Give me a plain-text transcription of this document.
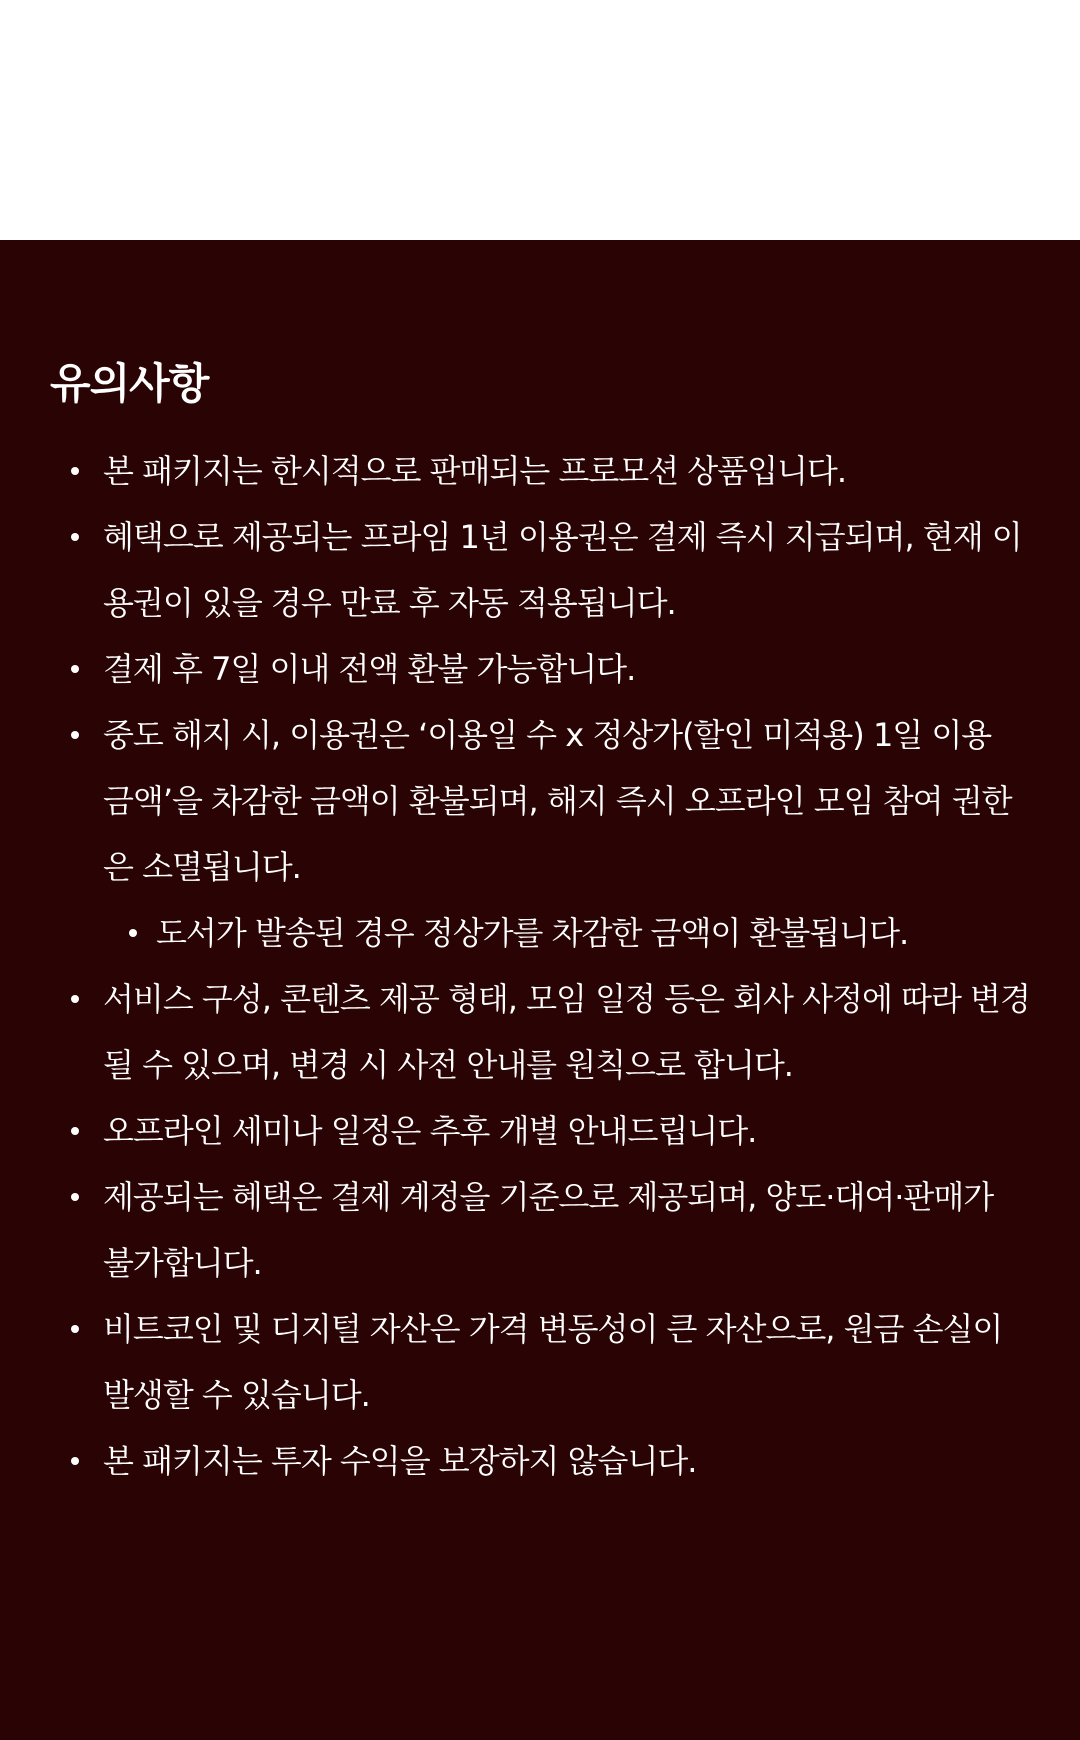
유의사항
본 패키지는 한시적으로 판매되는 프로모션 상품입니다.
혜택으로 제공되는 프라임 1년 이용권은 결제 즉시 지급되며, 현재 이용권이 있을 경우 만료 후 자동 적용됩니다.
결제 후 7일 이내 전액 환불 가능합니다.
중도 해지 시, 이용권은 ‘이용일 수 x 정상가(할인 미적용) 1일 이용 금액’을 차감한 금액이 환불되며, 해지 즉시 오프라인 모임 참여 권한은 소멸됩니다.
도서가 발송된 경우 정상가를 차감한 금액이 환불됩니다.
서비스 구성, 콘텐츠 제공 형태, 모임 일정 등은 회사 사정에 따라 변경될 수 있으며, 변경 시 사전 안내를 원칙으로 합니다.
오프라인 세미나 일정은 추후 개별 안내드립니다.
제공되는 혜택은 결제 계정을 기준으로 제공되며, 양도·대여·판매가 불가합니다.
비트코인 및 디지털 자산은 가격 변동성이 큰 자산으로, 원금 손실이 발생할 수 있습니다.
본 패키지는 투자 수익을 보장하지 않습니다.
